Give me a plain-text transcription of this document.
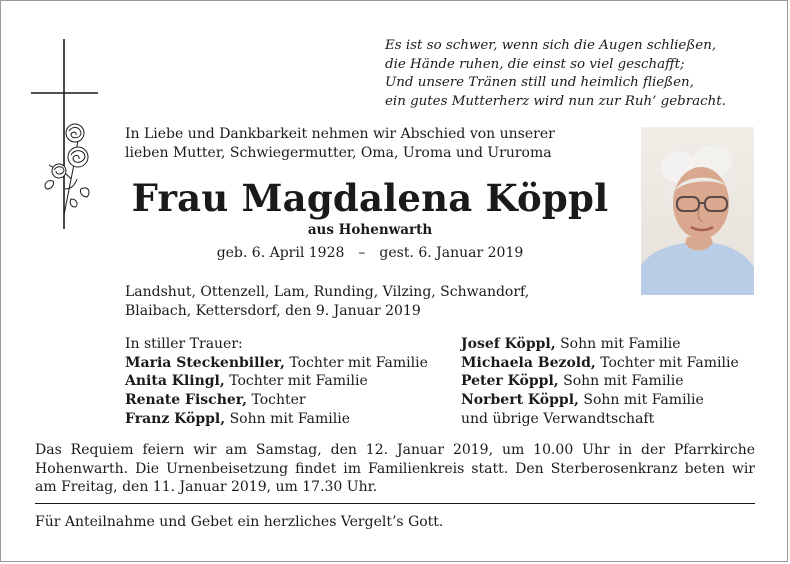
Es ist so schwer, wenn sich die Augen schließen,
die Hände ruhen, die einst so viel geschafft;
Und unsere Tränen still und heimlich fließen,
ein gutes Mutterherz wird nun zur Ruh’ gebracht.
In Liebe und Dankbarkeit nehmen wir Abschied von unserer
lieben Mutter, Schwiegermutter, Oma, Uroma und Ururoma
Frau Magdalena Köppl
aus Hohenwarth
geb. 6. April 1928 – gest. 6. Januar 2019
Landshut, Ottenzell, Lam, Runding, Vilzing, Schwandorf,
Blaibach, Kettersdorf, den 9. Januar 2019
In stiller Trauer:
Maria Steckenbiller, Tochter mit Familie
Anita Klingl, Tochter mit Familie
Renate Fischer, Tochter
Franz Köppl, Sohn mit Familie
Josef Köppl, Sohn mit Familie
Michaela Bezold, Tochter mit Familie
Peter Köppl, Sohn mit Familie
Norbert Köppl, Sohn mit Familie
und übrige Verwandtschaft
Das Requiem feiern wir am Samstag, den 12. Januar 2019, um 10.00 Uhr in der Pfarrkirche Hohenwarth. Die Urnenbeisetzung findet im Familienkreis statt. Den Sterberosenkranz beten wir am Freitag, den 11. Januar 2019, um 17.30 Uhr.
Für Anteilnahme und Gebet ein herzliches Vergelt’s Gott.
